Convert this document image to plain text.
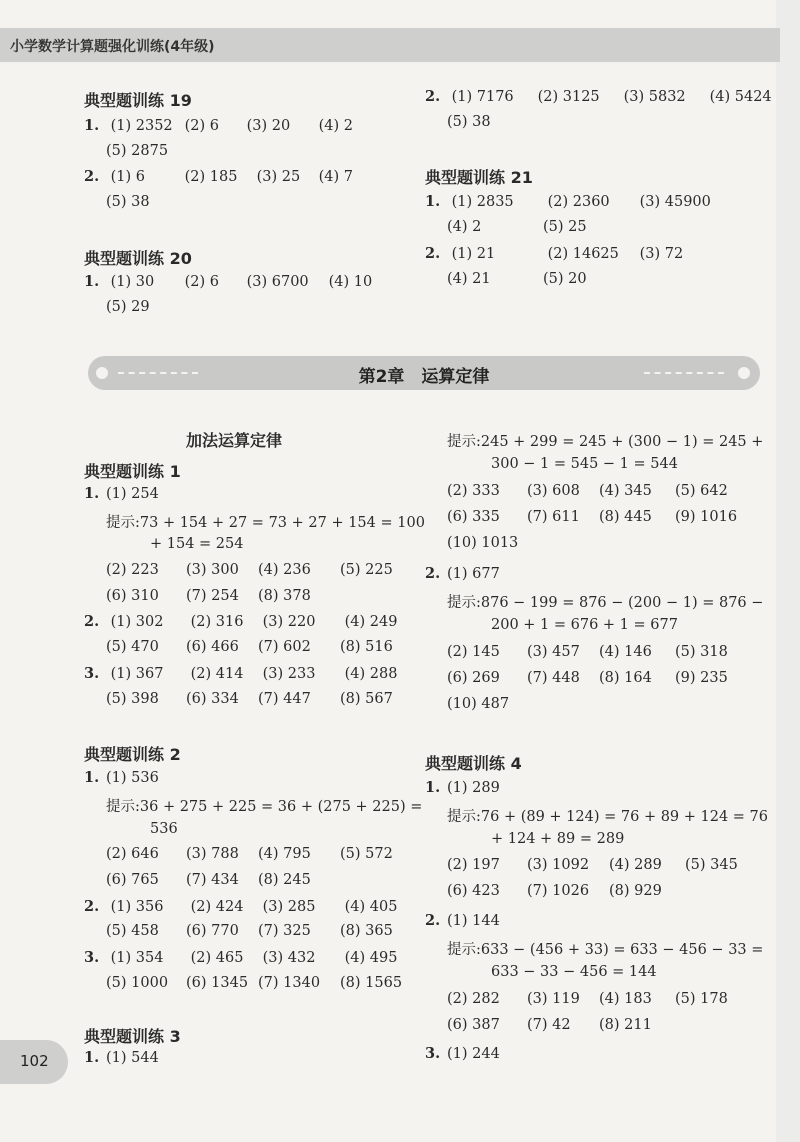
小学数学计算题强化训练(4年级)
典型题训练 19
1. (1) 2352 (2) 6 (3) 20 (4) 2
(5) 2875
2. (1) 6	(2) 185 (3) 25 (4) 7
(5) 38
典型题训练 20
1. (1) 30 (2) 6 (3) 6700 (4) 10
(5) 29
典型题训练 1
1. (1) 254
提示:73 + 154 + 27 = 73 + 27 + 154 = 100
+ 154 = 254
(2) 223 (3) 300 (4) 236 (5) 225
(6) 310 (7) 254 (8) 378
2. (1) 302 (2) 316 (3) 220 (4) 249
(5) 470 (6) 466 (7) 602 (8) 516
3. (1) 367 (2) 414 (3) 233 (4) 288
(5) 398 (6) 334 (7) 447 (8) 567
典型题训练 2
1. (1) 536
提示:36 + 275 + 225 = 36 + (275 + 225) =
536
(2) 646 (3) 788 (4) 795 (5) 572
(6) 765 (7) 434 (8) 245
2. (1) 356 (2) 424 (3) 285 (4) 405
(5) 458 (6) 770 (7) 325 (8) 365
3. (1) 354 (2) 465 (3) 432 (4) 495
(5) 1000 (6) 1345 (7) 1340 (8) 1565
典型题训练 3
1. (1) 544
2. (1) 7176 (2) 3125 (3) 5832 (4) 5424
(5) 38
典型题训练 21
1. (1) 2835 (2) 2360 (3) 45900
(4) 2	(5) 25
2. (1) 21	(2) 14625 (3) 72
(4) 21	(5) 20
提示:245 + 299 = 245 + (300 − 1) = 245 +
300 − 1 = 545 − 1 = 544
(2) 333 (3) 608 (4) 345 (5) 642
(6) 335 (7) 611 (8) 445 (9) 1016
(10) 1013
2. (1) 677
提示:876 − 199 = 876 − (200 − 1) = 876 −
200 + 1 = 676 + 1 = 677
(2) 145 (3) 457 (4) 146 (5) 318
(6) 269 (7) 448 (8) 164 (9) 235
(10) 487
典型题训练 4
1. (1) 289
提示:76 + (89 + 124) = 76 + 89 + 124 = 76
+ 124 + 89 = 289
(2) 197 (3) 1092 (4) 289 (5) 345
(6) 423 (7) 1026 (8) 929
2. (1) 144
提示:633 − (456 + 33) = 633 − 456 − 33 =
633 − 33 − 456 = 144
(2) 282 (3) 119 (4) 183 (5) 178
(6) 387 (7) 42 (8) 211
3. (1) 244
第2章　运算定律
加法运算定律
102
